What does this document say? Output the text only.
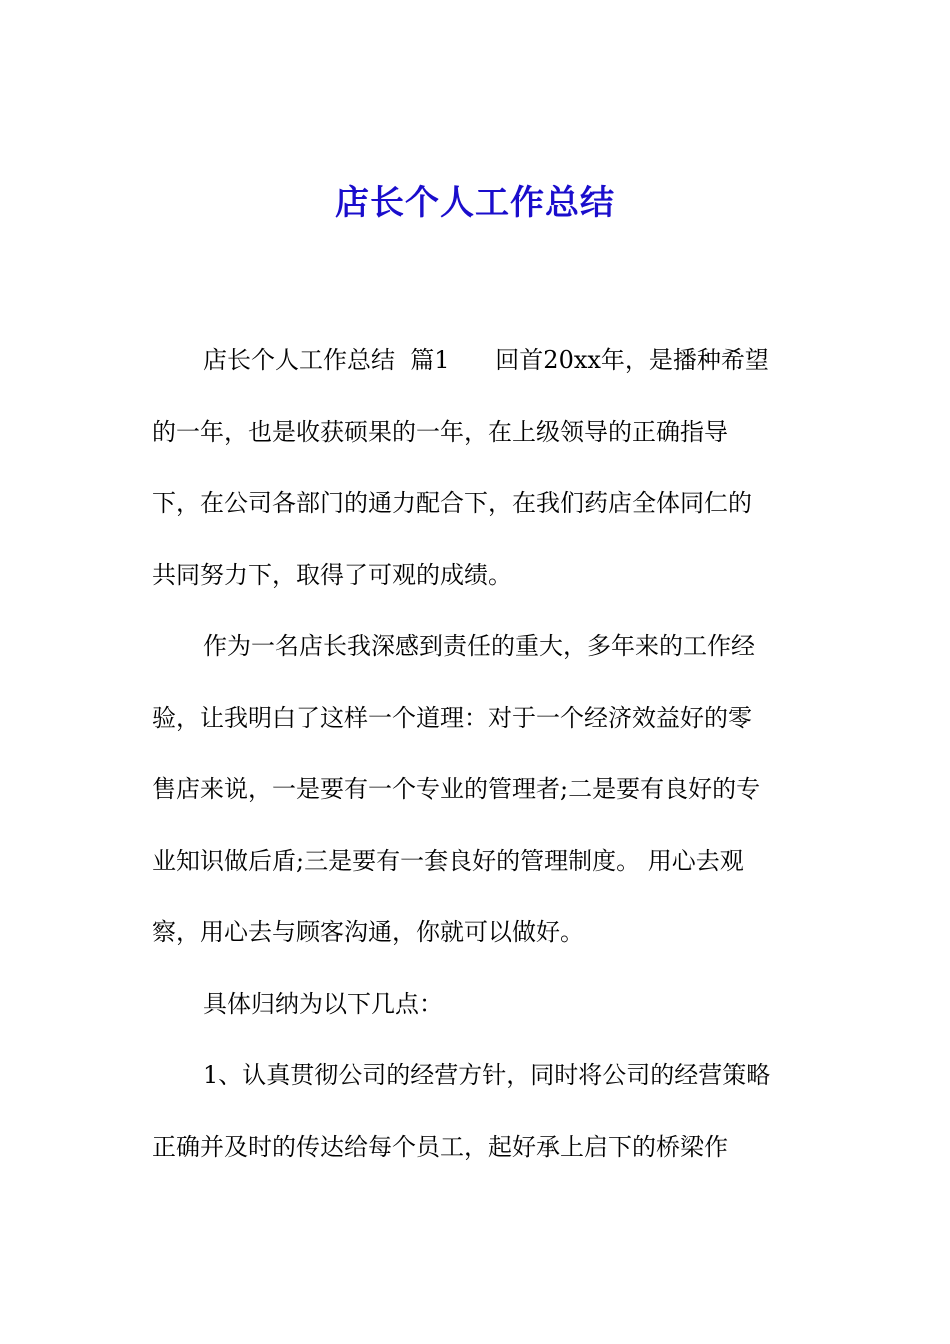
店长个人工作总结
店长个人工作总结  篇1      回首20xx年，是播种希望
的一年，也是收获硕果的一年，在上级领导的正确指导
下，在公司各部门的通力配合下，在我们药店全体同仁的
共同努力下，取得了可观的成绩。
作为一名店长我深感到责任的重大，多年来的工作经
验，让我明白了这样一个道理：对于一个经济效益好的零
售店来说，一是要有一个专业的管理者;二是要有良好的专
业知识做后盾;三是要有一套良好的管理制度。 用心去观
察，用心去与顾客沟通，你就可以做好。
具体归纳为以下几点：
1、认真贯彻公司的经营方针，同时将公司的经营策略
正确并及时的传达给每个员工，起好承上启下的桥梁作
